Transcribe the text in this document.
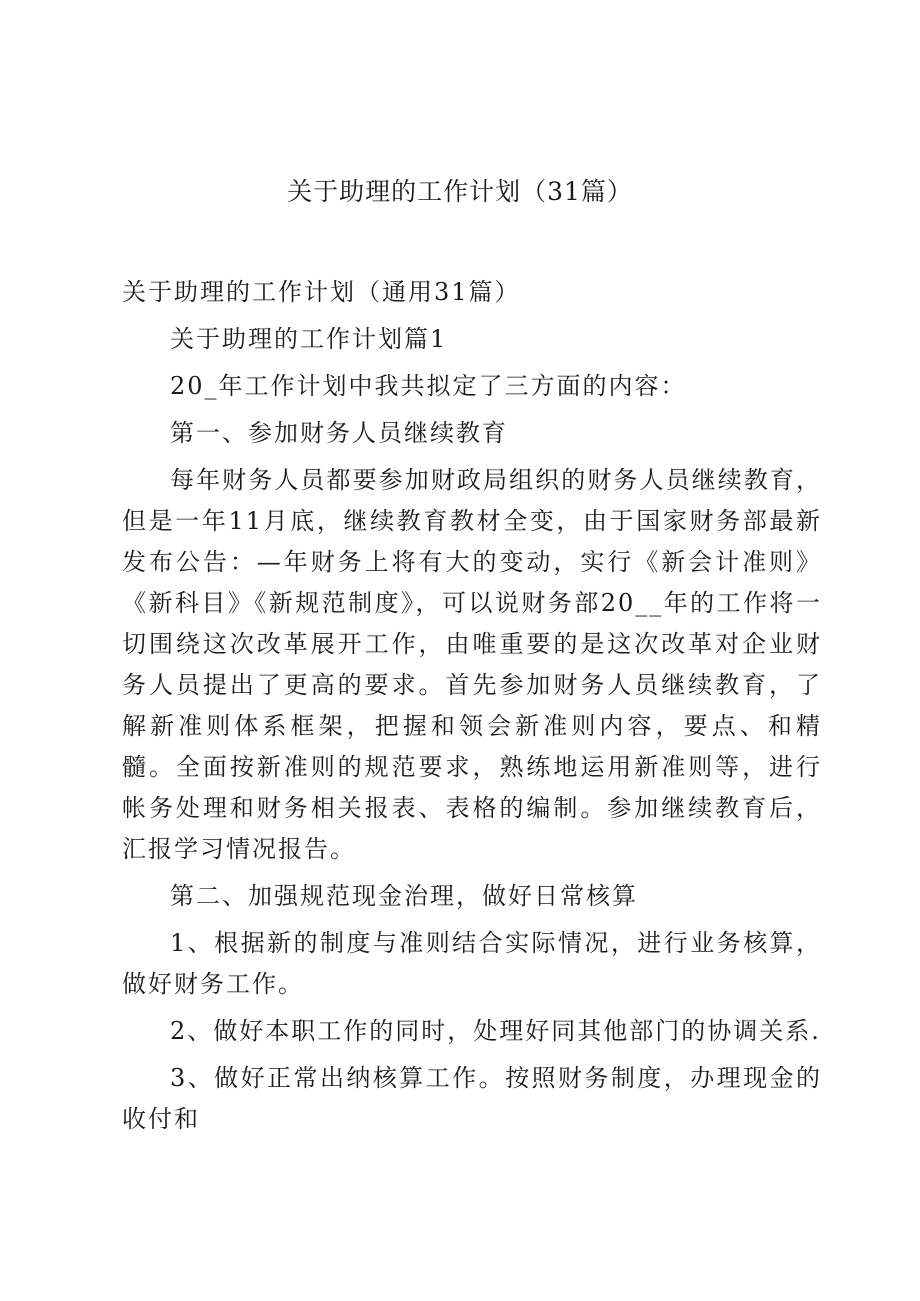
关于助理的工作计划（31篇）

关于助理的工作计划（通用31篇）

关于助理的工作计划篇1

20_年工作计划中我共拟定了三方面的内容：

第一、参加财务人员继续教育

每年财务人员都要参加财政局组织的财务人员继续教育，但是一年11月底，继续教育教材全变，由于国家财务部最新发布公告：—年财务上将有大的变动，实行《新会计准则》《新科目》《新规范制度》，可以说财务部20__年的工作将一切围绕这次改革展开工作，由唯重要的是这次改革对企业财务人员提出了更高的要求。首先参加财务人员继续教育，了解新准则体系框架，把握和领会新准则内容，要点、和精髓。全面按新准则的规范要求，熟练地运用新准则等，进行帐务处理和财务相关报表、表格的编制。参加继续教育后，汇报学习情况报告。

第二、加强规范现金治理，做好日常核算

1、根据新的制度与准则结合实际情况，进行业务核算，做好财务工作。

2、做好本职工作的同时，处理好同其他部门的协调关系.

3、做好正常出纳核算工作。按照财务制度，办理现金的收付和
